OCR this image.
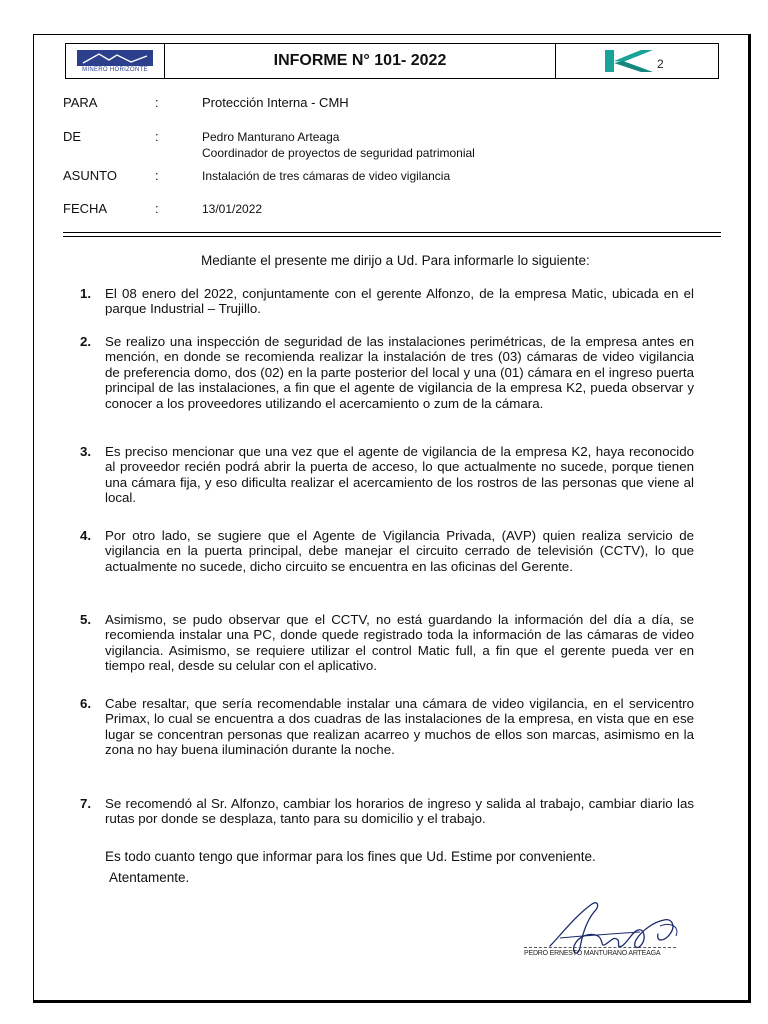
MINERO HORIZONTE
INFORME N° 101- 2022	2
PARA	:	Protección Interna - CMH
DE	:	Pedro Manturano Arteaga
Coordinador de proyectos de seguridad patrimonial
ASUNTO	:	Instalación de tres cámaras de video vigilancia
FECHA	:	13/01/2022
Mediante el presente me dirijo a Ud. Para informarle lo siguiente:
1.	El 08 enero del 2022, conjuntamente con el gerente Alfonzo, de la empresa Matic, ubicada en el parque Industrial – Trujillo.
2.	Se realizo una inspección de seguridad de las instalaciones perimétricas, de la empresa antes en mención, en donde se recomienda realizar la instalación de tres (03) cámaras de video vigilancia de preferencia domo, dos (02) en la parte posterior del local y una (01) cámara en el ingreso puerta principal de las instalaciones, a fin que el agente de vigilancia de la empresa K2, pueda observar y conocer a los proveedores utilizando el acercamiento o zum de la cámara.
3.	Es preciso mencionar que una vez que el agente de vigilancia de la empresa K2, haya reconocido al proveedor recién podrá abrir la puerta de acceso, lo que actualmente no sucede, porque tienen una cámara fija, y eso dificulta realizar el acercamiento de los rostros de las personas que viene al local.
4.	Por otro lado, se sugiere que el Agente de Vigilancia Privada, (AVP) quien realiza servicio de vigilancia en la puerta principal, debe manejar el circuito cerrado de televisión (CCTV), lo que actualmente no sucede, dicho circuito se encuentra en las oficinas del Gerente.
5.	Asimismo, se pudo observar que el CCTV, no está guardando la información del día a día, se recomienda instalar una PC, donde quede registrado toda la información de las cámaras de video vigilancia. Asimismo, se requiere utilizar el control Matic full, a fin que el gerente pueda ver en tiempo real, desde su celular con el aplicativo.
6.	Cabe resaltar, que sería recomendable instalar una cámara de video vigilancia, en el servicentro Primax, lo cual se encuentra a dos cuadras de las instalaciones de la empresa, en vista que en ese lugar se concentran personas que realizan acarreo y muchos de ellos son marcas, asimismo en la zona no hay buena iluminación durante la noche.
7.	Se recomendó al Sr. Alfonzo, cambiar los horarios de ingreso y salida al trabajo, cambiar diario las rutas por donde se desplaza, tanto para su domicilio y el trabajo.
Es todo cuanto tengo que informar para los fines que Ud. Estime por conveniente.
Atentamente.
PEDRO ERNESTO MANTURANO ARTEAGA
